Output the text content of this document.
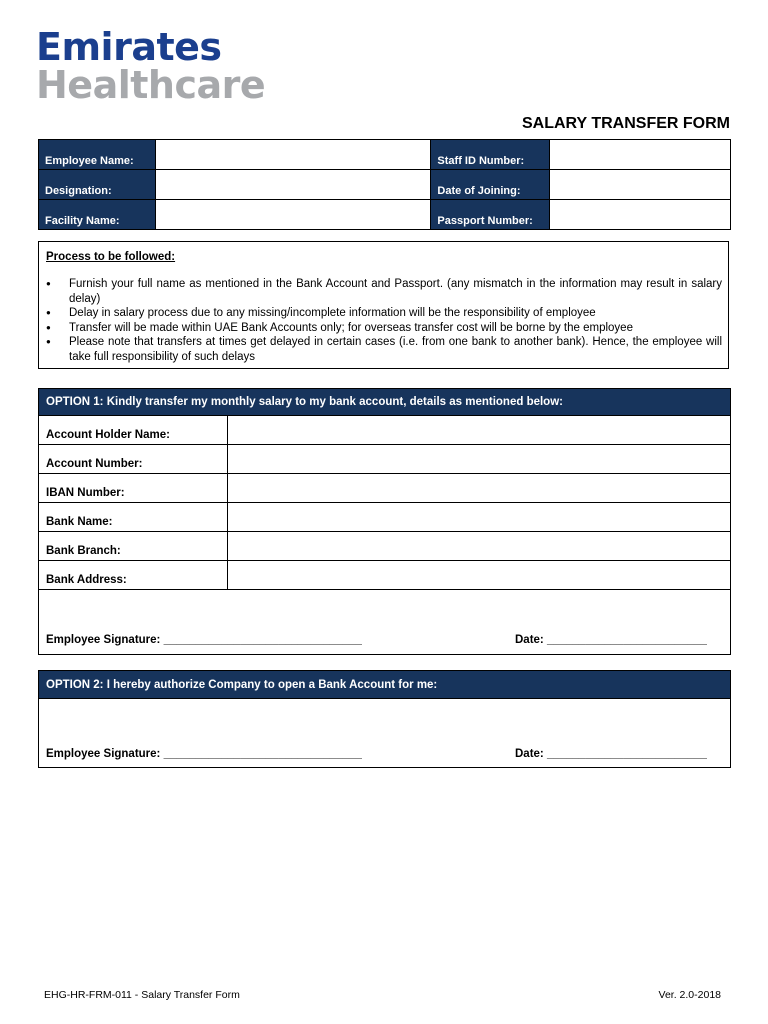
Emirates
Healthcare
SALARY TRANSFER FORM
Employee Name:		Staff ID Number:	
Designation:		Date of Joining:	
Facility Name:		Passport Number:	
Process to be followed:
● Furnish your full name as mentioned in the Bank Account and Passport. (any mismatch in the information may result in salary delay)
● Delay in salary process due to any missing/incomplete information will be the responsibility of employee
● Transfer will be made within UAE Bank Accounts only; for overseas transfer cost will be borne by the employee
● Please note that transfers at times get delayed in certain cases (i.e. from one bank to another bank). Hence, the employee will take full responsibility of such delays
OPTION 1: Kindly transfer my monthly salary to my bank account, details as mentioned below:
Account Holder Name:
Account Number:
IBAN Number:
Bank Name:
Bank Branch:
Bank Address:
Employee Signature: _______________________________	Date: _________________________
OPTION 2: I hereby authorize Company to open a Bank Account for me:
Employee Signature: _______________________________	Date: _________________________
EHG-HR-FRM-011 - Salary Transfer Form	Ver. 2.0-2018
